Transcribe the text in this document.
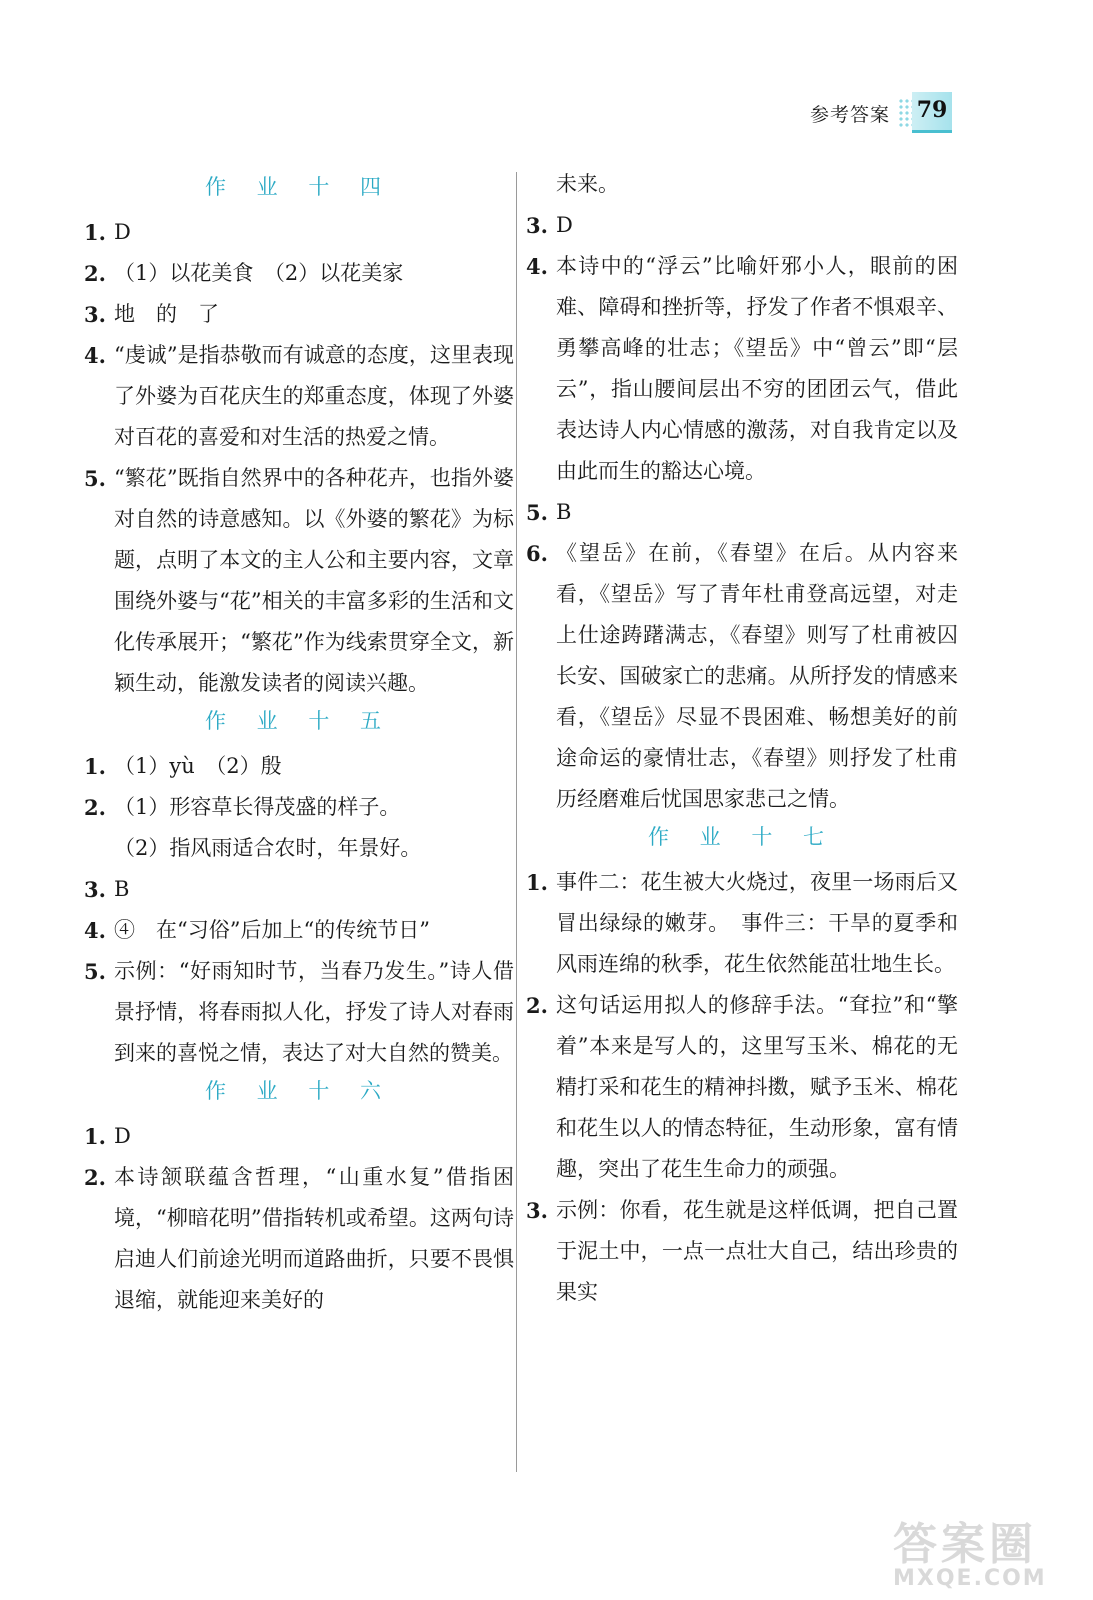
参考答案 79
作 业 十 四
1. D
2. （1）以花美食　（2）以花美家
3. 地　的　了
4. “虔诚”是指恭敬而有诚意的态度，这里表现了外婆为百花庆生的郑重态度，体现了外婆对百花的喜爱和对生活的热爱之情。
5. “繁花”既指自然界中的各种花卉，也指外婆对自然的诗意感知。以《外婆的繁花》为标题，点明了本文的主人公和主要内容，文章围绕外婆与“花”相关的丰富多彩的生活和文化传承展开；“繁花”作为线索贯穿全文，新颖生动，能激发读者的阅读兴趣。
作 业 十 五
1. （1）yù　（2）殷
2. （1）形容草长得茂盛的样子。
（2）指风雨适合农时，年景好。
3. B
4. ④　在“习俗”后加上“的传统节日”
5. 示例：“好雨知时节，当春乃发生。”诗人借景抒情，将春雨拟人化，抒发了诗人对春雨到来的喜悦之情，表达了对大自然的赞美。
作 业 十 六
1. D
2. 本诗颔联蕴含哲理，“山重水复”借指困境，“柳暗花明”借指转机或希望。这两句诗启迪人们前途光明而道路曲折，只要不畏惧退缩，就能迎来美好的
未来。
3. D
4. 本诗中的“浮云”比喻奸邪小人，眼前的困难、障碍和挫折等，抒发了作者不惧艰辛、勇攀高峰的壮志；《望岳》中“曾云”即“层云”，指山腰间层出不穷的团团云气，借此表达诗人内心情感的激荡，对自我肯定以及由此而生的豁达心境。
5. B
6. 《望岳》在前，《春望》在后。从内容来看，《望岳》写了青年杜甫登高远望，对走上仕途踌躇满志，《春望》则写了杜甫被囚长安、国破家亡的悲痛。从所抒发的情感来看，《望岳》尽显不畏困难、畅想美好的前途命运的豪情壮志，《春望》则抒发了杜甫历经磨难后忧国思家悲己之情。
作 业 十 七
1. 事件二：花生被大火烧过，夜里一场雨后又冒出绿绿的嫩芽。　事件三：干旱的夏季和风雨连绵的秋季，花生依然能茁壮地生长。
2. 这句话运用拟人的修辞手法。“耷拉”和“擎着”本来是写人的，这里写玉米、棉花的无精打采和花生的精神抖擞，赋予玉米、棉花和花生以人的情态特征，生动形象，富有情趣，突出了花生生命力的顽强。
3. 示例：你看，花生就是这样低调，把自己置于泥土中，一点一点壮大自己，结出珍贵的果实
答案圈
MXQE.COM
